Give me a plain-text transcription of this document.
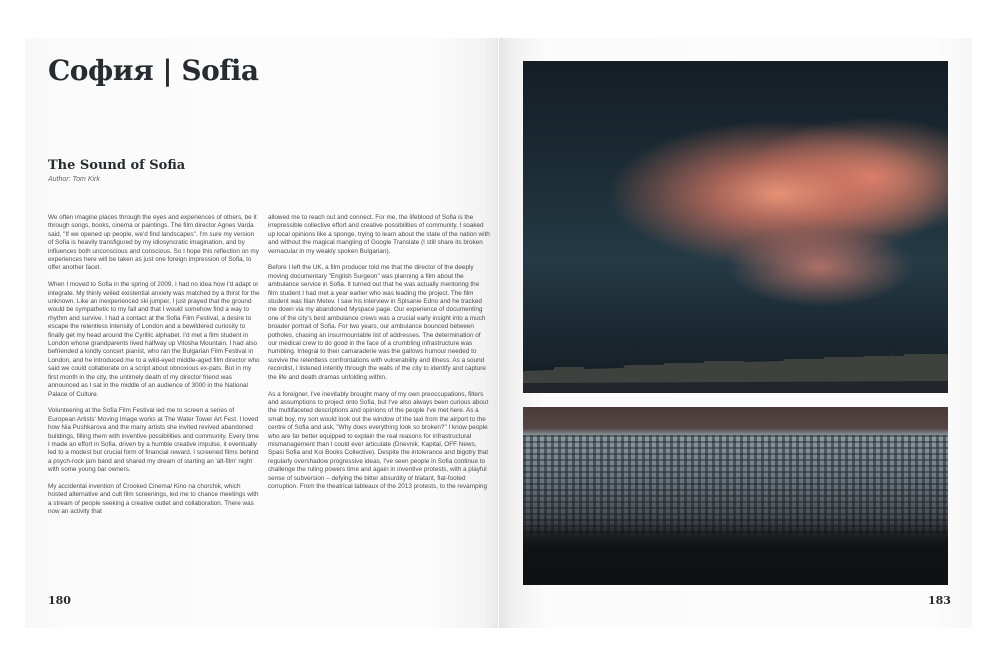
София | Sofia
The Sound of Sofia
Author: Tom Kirk

We often imagine places through the eyes and experiences of others, be it through songs, books, cinema or paintings. The film director Agnes Varda said, "If we opened up people, we'd find landscapes". I'm sure my version of Sofia is heavily transfigured by my idiosyncratic imagination, and by influences both unconscious and conscious. So I hope this reflection on my experiences here will be taken as just one foreign impression of Sofia, to offer another facet.

When I moved to Sofia in the spring of 2009, I had no idea how I'd adapt or integrate. My thinly veiled existential anxiety was matched by a thirst for the unknown. Like an inexperienced ski jumper, I just prayed that the ground would be sympathetic to my fall and that I would somehow find a way to rhythm and survive. I had a contact at the Sofia Film Festival, a desire to escape the relentless intensity of London and a bewildered curiosity to finally get my head around the Cyrillic alphabet. I'd met a film student in London whose grandparents lived halfway up Vitosha Mountain. I had also befriended a kindly concert pianist, who ran the Bulgarian Film Festival in London, and he introduced me to a wild-eyed middle-aged film director who said we could collaborate on a script about obnoxious ex-pats. But in my first month in the city, the untimely death of my director friend was announced as I sat in the middle of an audience of 3000 in the National Palace of Culture.

Volunteering at the Sofia Film Festival led me to screen a series of European Artists' Moving Image works at The Water Tower Art Fest. I loved how Nia Pushkarova and the many artists she invited revived abandoned buildings, filling them with inventive possibilities and community. Every time I made an effort in Sofia, driven by a humble creative impulse, it eventually led to a modest but crucial form of financial reward. I screened films behind a psych-rock jam band and shared my dream of starting an 'alt-film' night with some young bar owners.

My accidental invention of Crooked Cinema/ Kino na chorchik, which hosted alternative and cult film screenings, led me to chance meetings with a stream of people seeking a creative outlet and collaboration. There was now an activity that

allowed me to reach out and connect. For me, the lifeblood of Sofia is the irrepressible collective effort and creative possibilities of community. I soaked up local opinions like a sponge, trying to learn about the state of the nation with and without the magical mangling of Google Translate (I still share its broken vernacular in my weakly spoken Bulgarian).

Before I left the UK, a film producer told me that the director of the deeply moving documentary "English Surgeon" was planning a film about the ambulance service in Sofia. It turned out that he was actually mentoring the film student I had met a year earlier who was leading the project. The film student was Ilian Metev. I saw his interview in Splsanie Edno and he tracked me down via my abandoned Myspace page. Our experience of documenting one of the city's best ambulance crews was a crucial early insight into a much broader portrait of Sofia. For two years, our ambulance bounced between potholes, chasing an insurmountable list of addresses. The determination of our medical crew to do good in the face of a crumbling infrastructure was humbling. Integral to their camaraderie was the gallows humour needed to survive the relentless confrontations with vulnerability and illness. As a sound recordist, I listened intently through the walls of the city to identify and capture the life and death dramas unfolding within.

As a foreigner, I've inevitably brought many of my own preoccupations, filters and assumptions to project onto Sofia, but I've also always been curious about the multifaceted descriptions and opinions of the people I've met here. As a small boy, my son would look out the window of the taxi from the airport to the centre of Sofia and ask, "Why does everything look so broken?" I know people who are far better equipped to explain the real reasons for infrastructural mismanagement than I could ever articulate (Dnevnik, Kapital, OFF News, Spasi Sofia and Koi Books Collective). Despite the intolerance and bigotry that regularly overshadow progressive ideas, I've seen people in Sofia continue to challenge the ruling powers time and again in inventive protests, with a playful sense of subversion – defying the bitter absurdity of blatant, flat-footed corruption. From the theatrical tableaux of the 2013 protests, to the revamping

180	183
